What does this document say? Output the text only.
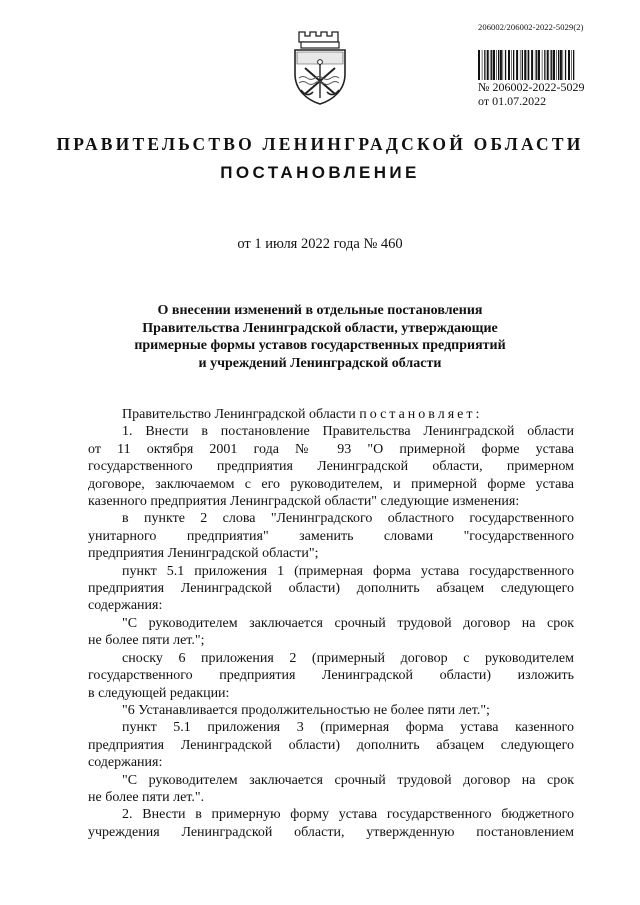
206002/206002-2022-5029(2)
№ 206002-2022-5029
от 01.07.2022
ПРАВИТЕЛЬСТВО ЛЕНИНГРАДСКОЙ ОБЛАСТИ
ПОСТАНОВЛЕНИЕ
от 1 июля 2022 года № 460
О внесении изменений в отдельные постановления
Правительства Ленинградской области, утверждающие
примерные формы уставов государственных предприятий
и учреждений Ленинградской области
Правительство Ленинградской области постановляет:
1. Внести в постановление Правительства Ленинградской области
от 11 октября 2001 года № 93 "О примерной форме устава
государственного предприятия Ленинградской области, примерном
договоре, заключаемом с его руководителем, и примерной форме устава
казенного предприятия Ленинградской области" следующие изменения:
в пункте 2 слова "Ленинградского областного государственного
унитарного предприятия" заменить словами "государственного
предприятия Ленинградской области";
пункт 5.1 приложения 1 (примерная форма устава государственного
предприятия Ленинградской области) дополнить абзацем следующего
содержания:
"С руководителем заключается срочный трудовой договор на срок
не более пяти лет.";
сноску 6 приложения 2 (примерный договор с руководителем
государственного предприятия Ленинградской области) изложить
в следующей редакции:
"6 Устанавливается продолжительностью не более пяти лет.";
пункт 5.1 приложения 3 (примерная форма устава казенного
предприятия Ленинградской области) дополнить абзацем следующего
содержания:
"С руководителем заключается срочный трудовой договор на срок
не более пяти лет.".
2. Внести в примерную форму устава государственного бюджетного
учреждения Ленинградской области, утвержденную постановлением
